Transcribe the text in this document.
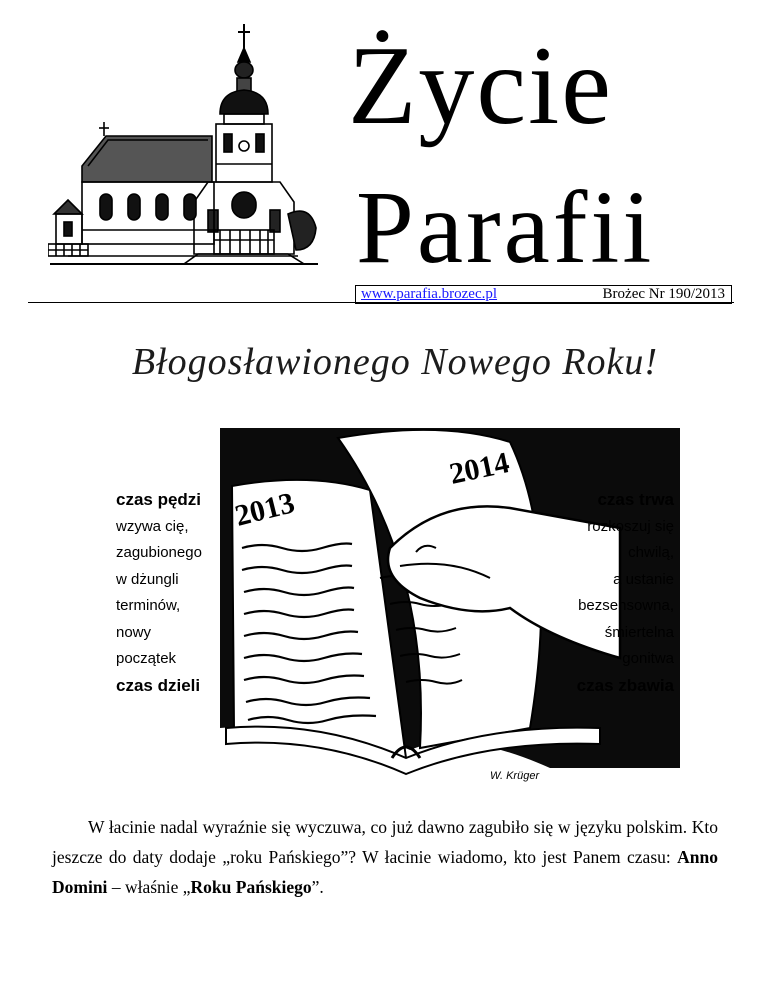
Życie
Parafii
www.parafia.brozec.pl	Brożec Nr 190/2013
Błogosławionego Nowego Roku!
2013
2014
czas pędzi
wzywa cię,
zagubionego
w dżungli
terminów,
nowy
początek
czas dzieli
czas trwa
rozkoszuj się
chwilą,
a ustanie
bezsensowna,
śmiertelna
gonitwa
czas zbawia
W. Krüger

W łacinie nadal wyraźnie się wyczuwa, co już dawno zagubiło się w języku polskim. Kto jeszcze do daty dodaje „roku Pańskiego”? W łacinie wiadomo, kto jest Panem czasu: Anno Domini – właśnie „Roku Pańskiego”.
